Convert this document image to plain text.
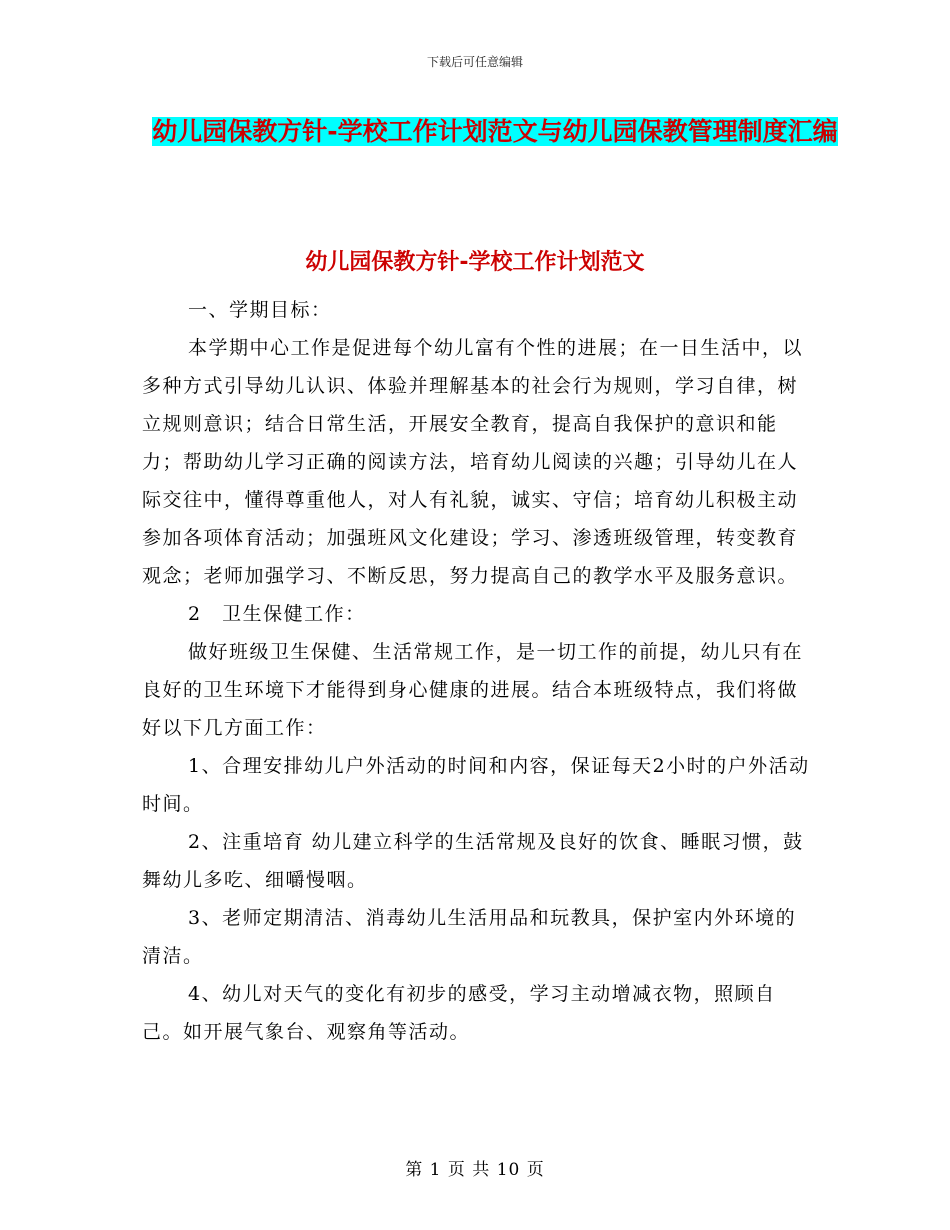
下载后可任意编辑
幼儿园保教方针-学校工作计划范文与幼儿园保教管理制度汇编
幼儿园保教方针-学校工作计划范文

一、学期目标：

本学期中心工作是促进每个幼儿富有个性的进展；在一日生活中，以多种方式引导幼儿认识、体验并理解基本的社会行为规则，学习自律，树立规则意识；结合日常生活，开展安全教育，提高自我保护的意识和能力；帮助幼儿学习正确的阅读方法，培育幼儿阅读的兴趣；引导幼儿在人际交往中，懂得尊重他人，对人有礼貌，诚实、守信；培育幼儿积极主动参加各项体育活动；加强班风文化建设；学习、渗透班级管理，转变教育观念；老师加强学习、不断反思，努力提高自己的教学水平及服务意识。

2　卫生保健工作：

做好班级卫生保健、生活常规工作，是一切工作的前提，幼儿只有在良好的卫生环境下才能得到身心健康的进展。结合本班级特点，我们将做好以下几方面工作：

1、合理安排幼儿户外活动的时间和内容，保证每天2小时的户外活动时间。

2、注重培育 幼儿建立科学的生活常规及良好的饮食、睡眠习惯，鼓舞幼儿多吃、细嚼慢咽。

3、老师定期清洁、消毒幼儿生活用品和玩教具，保护室内外环境的清洁。

4、幼儿对天气的变化有初步的感受，学习主动增减衣物，照顾自己。如开展气象台、观察角等活动。

第 1 页 共 10 页
